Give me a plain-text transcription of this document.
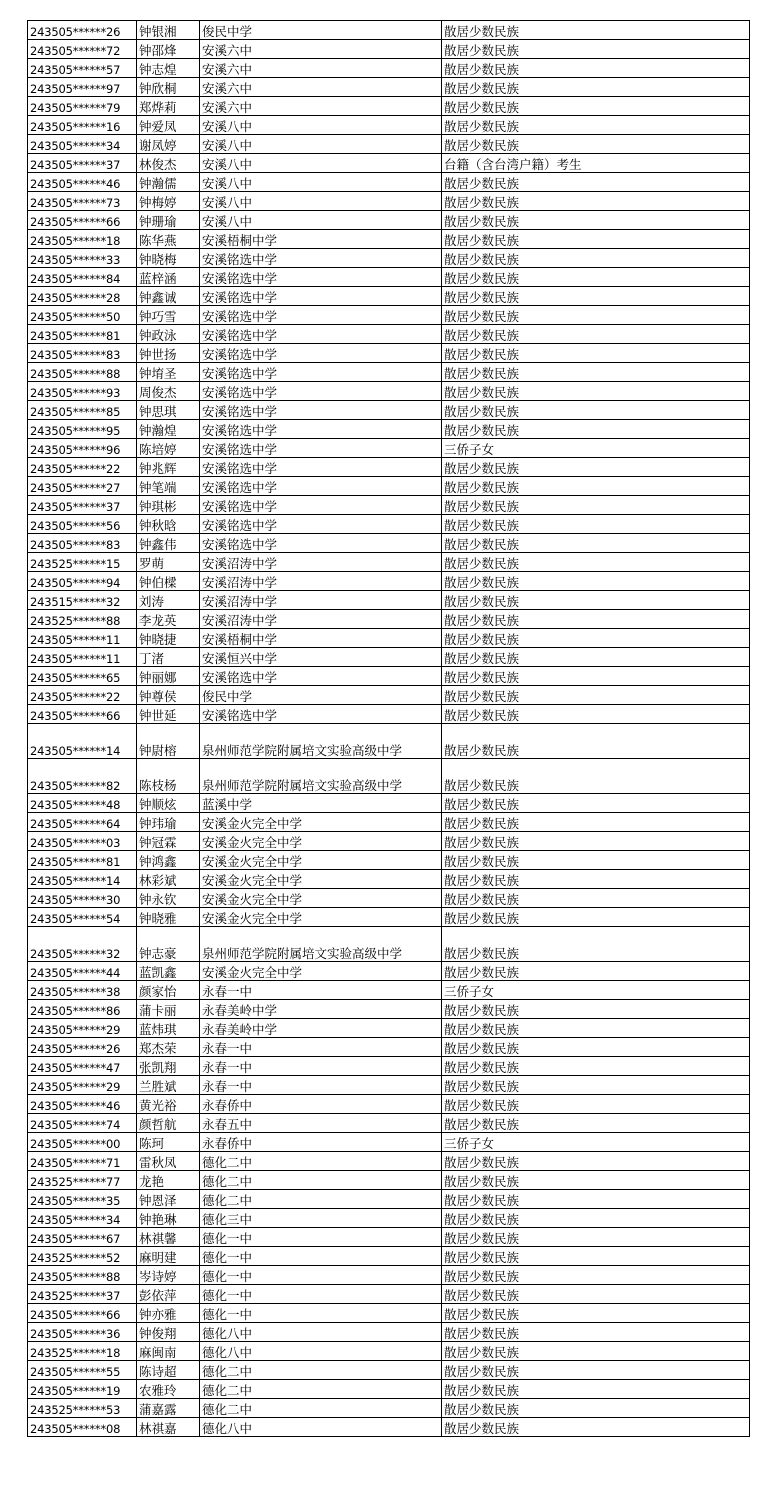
243505******26	钟银湘	俊民中学	散居少数民族
243505******72	钟邵烽	安溪六中	散居少数民族
243505******57	钟志煌	安溪六中	散居少数民族
243505******97	钟欣桐	安溪六中	散居少数民族
243505******79	郑烨莉	安溪六中	散居少数民族
243505******16	钟爱凤	安溪八中	散居少数民族
243505******34	谢凤婷	安溪八中	散居少数民族
243505******37	林俊杰	安溪八中	台籍（含台湾户籍）考生
243505******46	钟瀚儒	安溪八中	散居少数民族
243505******73	钟梅婷	安溪八中	散居少数民族
243505******66	钟珊瑜	安溪八中	散居少数民族
243505******18	陈华燕	安溪梧桐中学	散居少数民族
243505******33	钟晓梅	安溪铭选中学	散居少数民族
243505******84	蓝梓涵	安溪铭选中学	散居少数民族
243505******28	钟鑫诚	安溪铭选中学	散居少数民族
243505******50	钟巧雪	安溪铭选中学	散居少数民族
243505******81	钟政泳	安溪铭选中学	散居少数民族
243505******83	钟世扬	安溪铭选中学	散居少数民族
243505******88	钟堉圣	安溪铭选中学	散居少数民族
243505******93	周俊杰	安溪铭选中学	散居少数民族
243505******85	钟思琪	安溪铭选中学	散居少数民族
243505******95	钟瀚煌	安溪铭选中学	散居少数民族
243505******96	陈培婷	安溪铭选中学	三侨子女
243505******22	钟兆辉	安溪铭选中学	散居少数民族
243505******27	钟笔端	安溪铭选中学	散居少数民族
243505******37	钟琪彬	安溪铭选中学	散居少数民族
243505******56	钟秋晗	安溪铭选中学	散居少数民族
243505******83	钟鑫伟	安溪铭选中学	散居少数民族
243525******15	罗萌	安溪沼涛中学	散居少数民族
243505******94	钟伯樑	安溪沼涛中学	散居少数民族
243515******32	刘涛	安溪沼涛中学	散居少数民族
243525******88	李龙英	安溪沼涛中学	散居少数民族
243505******11	钟晓捷	安溪梧桐中学	散居少数民族
243505******11	丁渚	安溪恒兴中学	散居少数民族
243505******65	钟丽娜	安溪铭选中学	散居少数民族
243505******22	钟尊侯	俊民中学	散居少数民族
243505******66	钟世延	安溪铭选中学	散居少数民族
243505******14	钟尉榕	泉州师范学院附属培文实验高级中学	散居少数民族
243505******82	陈枝杨	泉州师范学院附属培文实验高级中学	散居少数民族
243505******48	钟顺炫	蓝溪中学	散居少数民族
243505******64	钟玮瑜	安溪金火完全中学	散居少数民族
243505******03	钟冠霖	安溪金火完全中学	散居少数民族
243505******81	钟鸿鑫	安溪金火完全中学	散居少数民族
243505******14	林彩斌	安溪金火完全中学	散居少数民族
243505******30	钟永钦	安溪金火完全中学	散居少数民族
243505******54	钟晓雅	安溪金火完全中学	散居少数民族
243505******32	钟志豪	泉州师范学院附属培文实验高级中学	散居少数民族
243505******44	蓝凯鑫	安溪金火完全中学	散居少数民族
243505******38	颜家怡	永春一中	三侨子女
243505******86	蒲卡丽	永春美岭中学	散居少数民族
243505******29	蓝炜琪	永春美岭中学	散居少数民族
243505******26	郑杰荣	永春一中	散居少数民族
243505******47	张凯翔	永春一中	散居少数民族
243505******29	兰胜斌	永春一中	散居少数民族
243505******46	黄光裕	永春侨中	散居少数民族
243505******74	颜哲航	永春五中	散居少数民族
243505******00	陈珂	永春侨中	三侨子女
243505******71	雷秋凤	德化二中	散居少数民族
243525******77	龙艳	德化二中	散居少数民族
243505******35	钟恩泽	德化二中	散居少数民族
243505******34	钟艳琳	德化三中	散居少数民族
243505******67	林祺馨	德化一中	散居少数民族
243525******52	麻明建	德化一中	散居少数民族
243505******88	岑诗婷	德化一中	散居少数民族
243525******37	彭依萍	德化一中	散居少数民族
243505******66	钟亦雅	德化一中	散居少数民族
243505******36	钟俊翔	德化八中	散居少数民族
243525******18	麻闽南	德化八中	散居少数民族
243505******55	陈诗超	德化二中	散居少数民族
243505******19	农雅玲	德化二中	散居少数民族
243525******53	蒲嘉露	德化二中	散居少数民族
243505******08	林祺嘉	德化八中	散居少数民族
